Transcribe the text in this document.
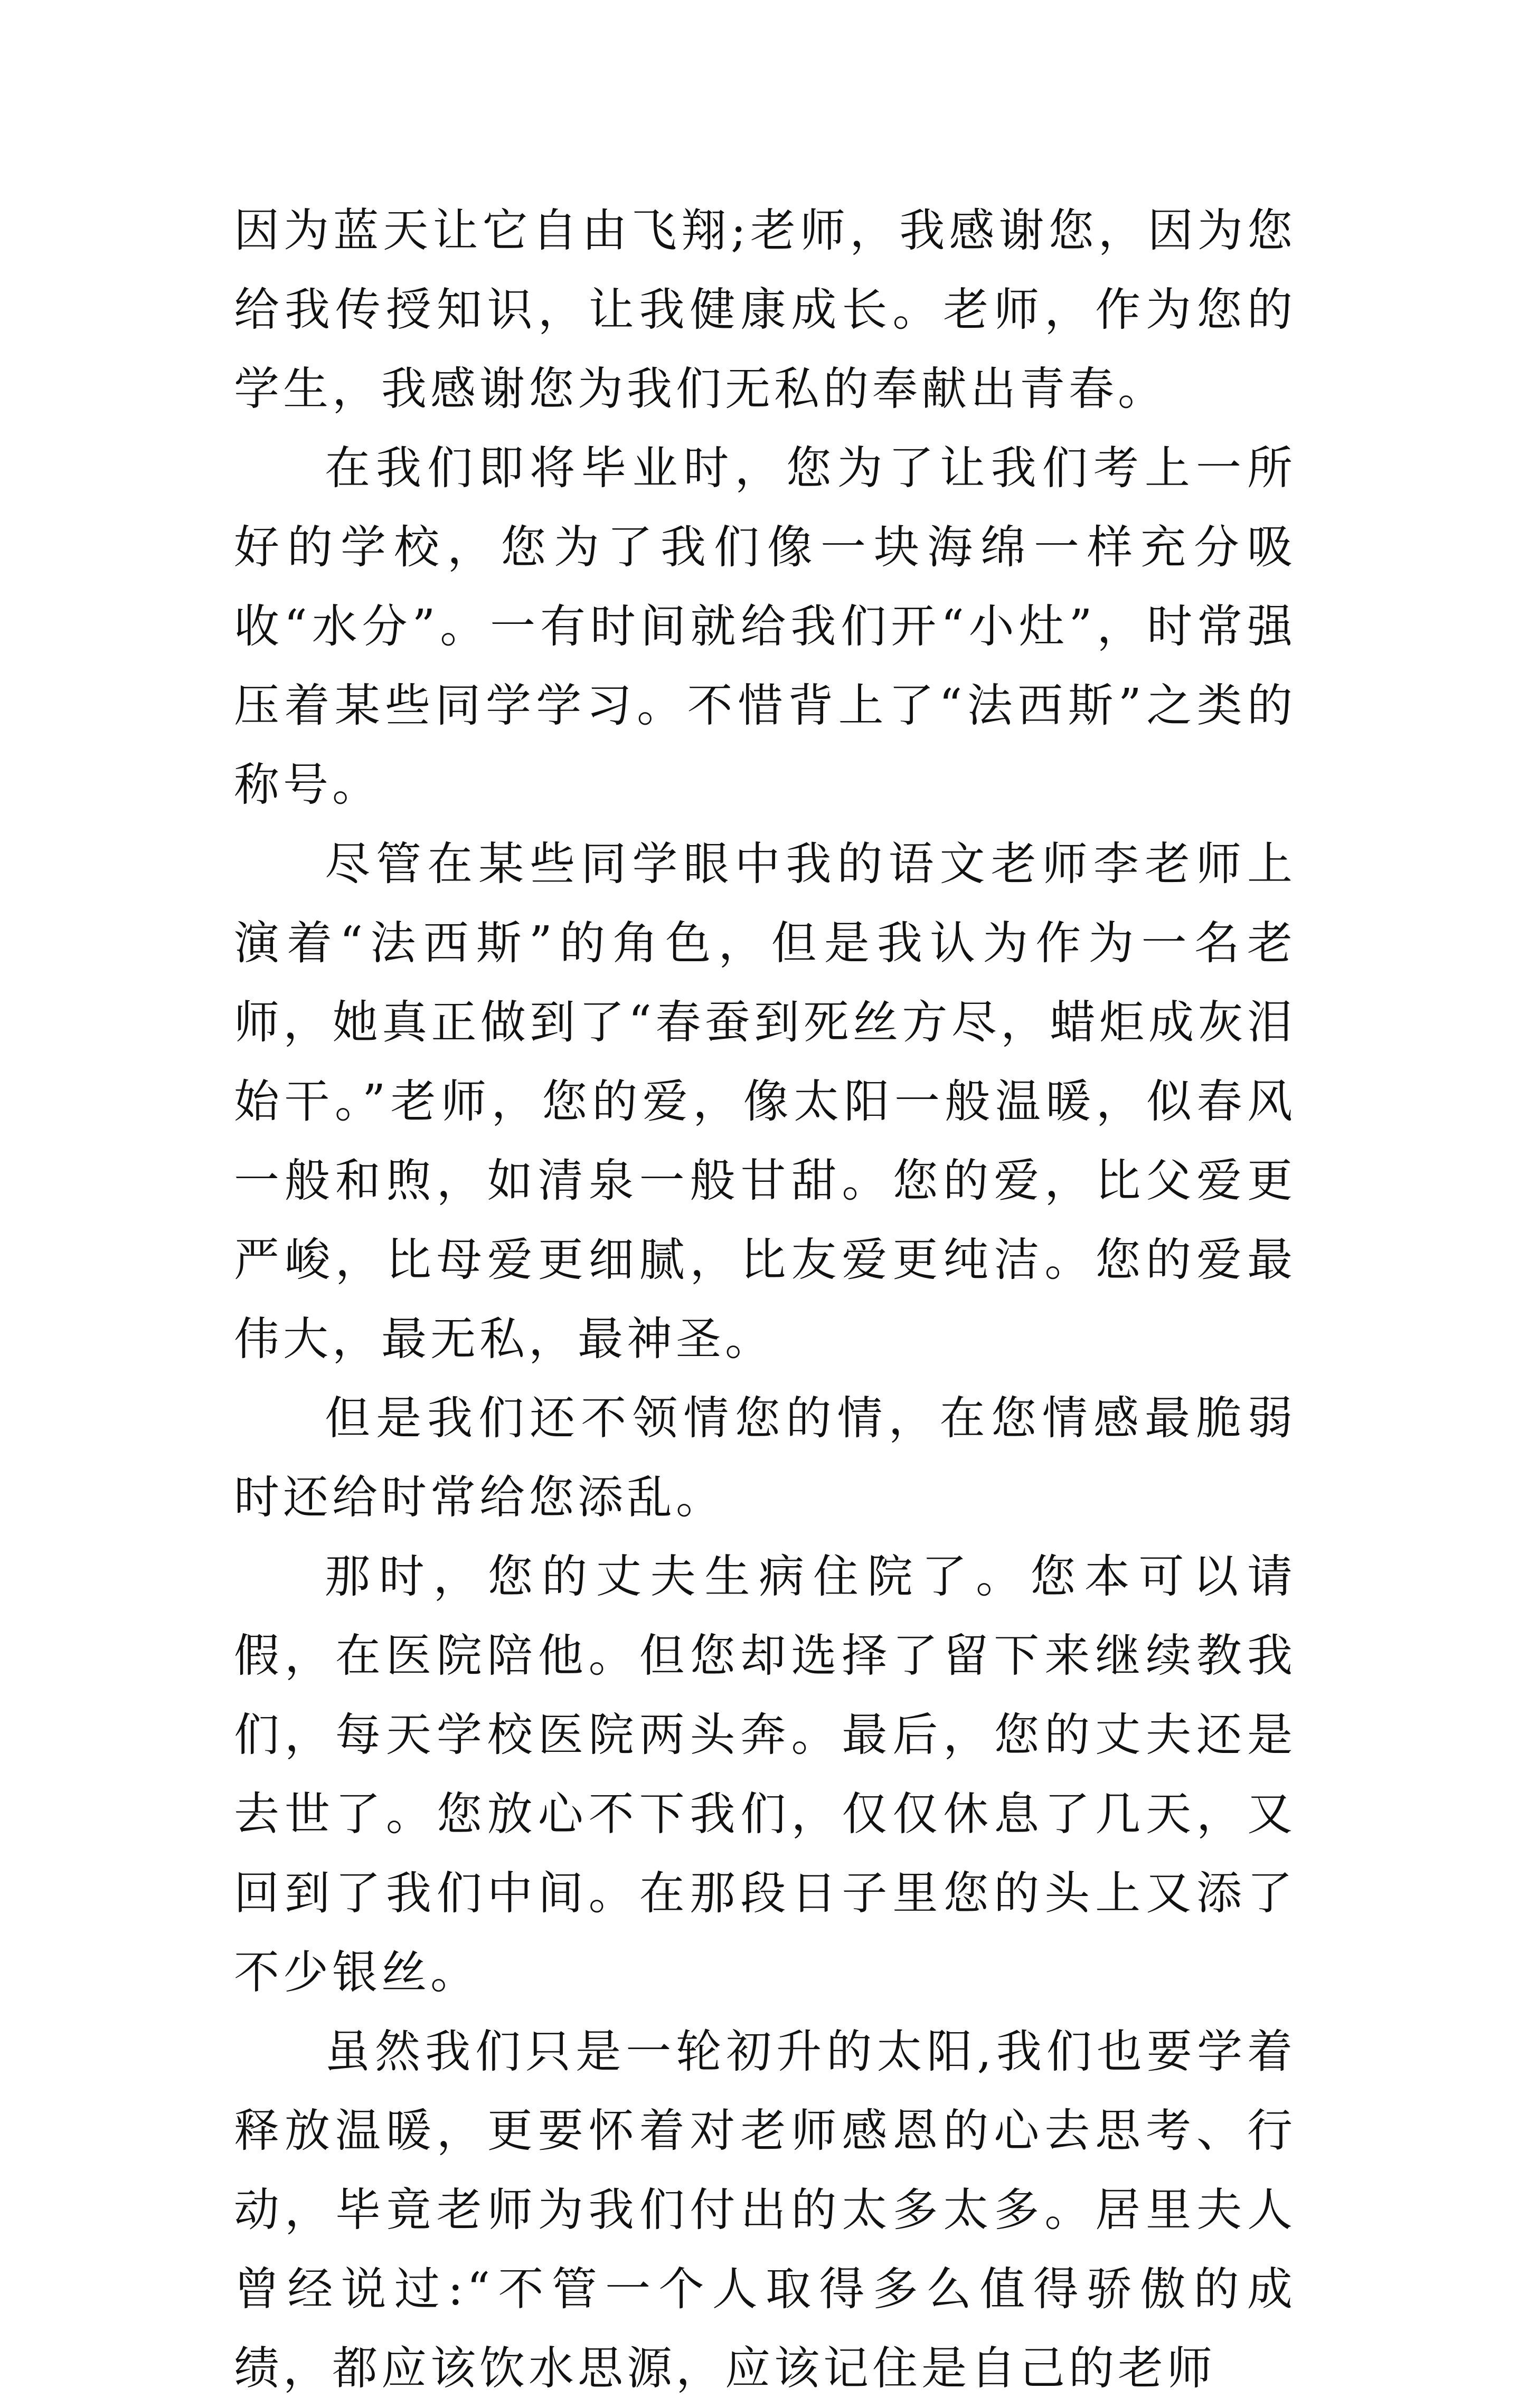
因为蓝天让它自由飞翔;老师，我感谢您，因为您给我传授知识，让我健康成长。老师，作为您的学生，我感谢您为我们无私的奉献出青春。

在我们即将毕业时，您为了让我们考上一所好的学校，您为了我们像一块海绵一样充分吸收“水分”。一有时间就给我们开“小灶”，时常强压着某些同学学习。不惜背上了“法西斯”之类的称号。

尽管在某些同学眼中我的语文老师李老师上演着“法西斯”的角色，但是我认为作为一名老师，她真正做到了“春蚕到死丝方尽，蜡炬成灰泪始干。”老师，您的爱，像太阳一般温暖，似春风一般和煦，如清泉一般甘甜。您的爱，比父爱更严峻，比母爱更细腻，比友爱更纯洁。您的爱最伟大，最无私，最神圣。

但是我们还不领情您的情，在您情感最脆弱时还给时常给您添乱。

那时，您的丈夫生病住院了。您本可以请假，在医院陪他。但您却选择了留下来继续教我们，每天学校医院两头奔。最后，您的丈夫还是去世了。您放心不下我们，仅仅休息了几天，又回到了我们中间。在那段日子里您的头上又添了不少银丝。

虽然我们只是一轮初升的太阳,我们也要学着释放温暖，更要怀着对老师感恩的心去思考、行动，毕竟老师为我们付出的太多太多。居里夫人曾经说过:“不管一个人取得多么值得骄傲的成绩，都应该饮水思源，应该记住是自己的老师
